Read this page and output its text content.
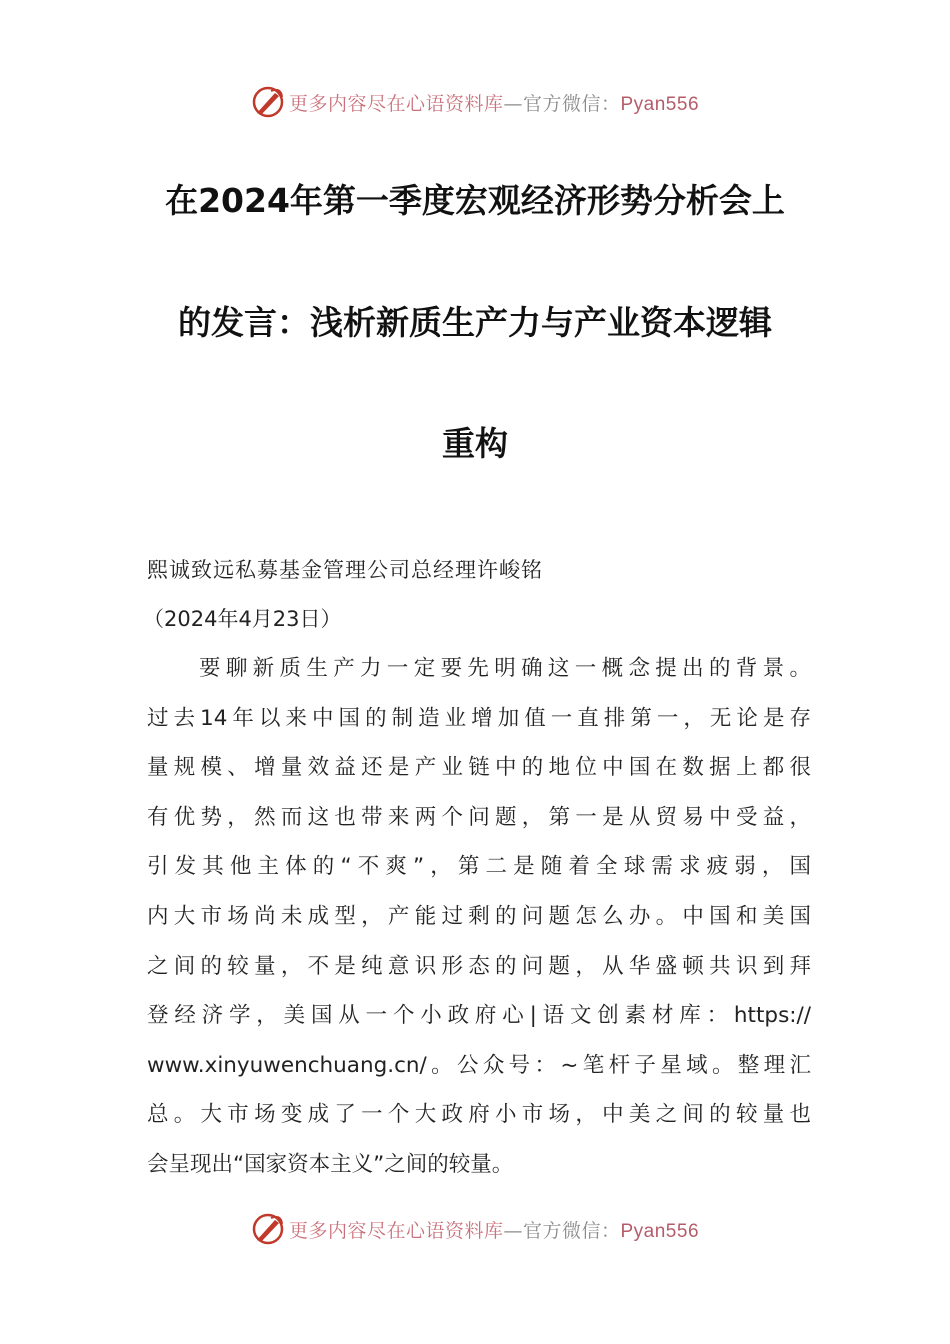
更多内容尽在心语资料库—官方微信：Pyan556
在2024年第一季度宏观经济形势分析会上
的发言：浅析新质生产力与产业资本逻辑
重构
熙诚致远私募基金管理公司总经理许峻铭
（2024年4月23日）
要聊新质生产力一定要先明确这一概念提出的背景。
过去14年以来中国的制造业增加值一直排第一，无论是存
量规模、增量效益还是产业链中的地位中国在数据上都很
有优势，然而这也带来两个问题，第一是从贸易中受益，
引发其他主体的“不爽”，第二是随着全球需求疲弱，国
内大市场尚未成型，产能过剩的问题怎么办。中国和美国
之间的较量，不是纯意识形态的问题，从华盛顿共识到拜
登经济学，美国从一个小政府心|语文创素材库：https://
www.xinyuwenchuang.cn/。公众号：~笔杆子星域。整理汇
总。大市场变成了一个大政府小市场，中美之间的较量也
会呈现出“国家资本主义”之间的较量。
更多内容尽在心语资料库—官方微信：Pyan556
